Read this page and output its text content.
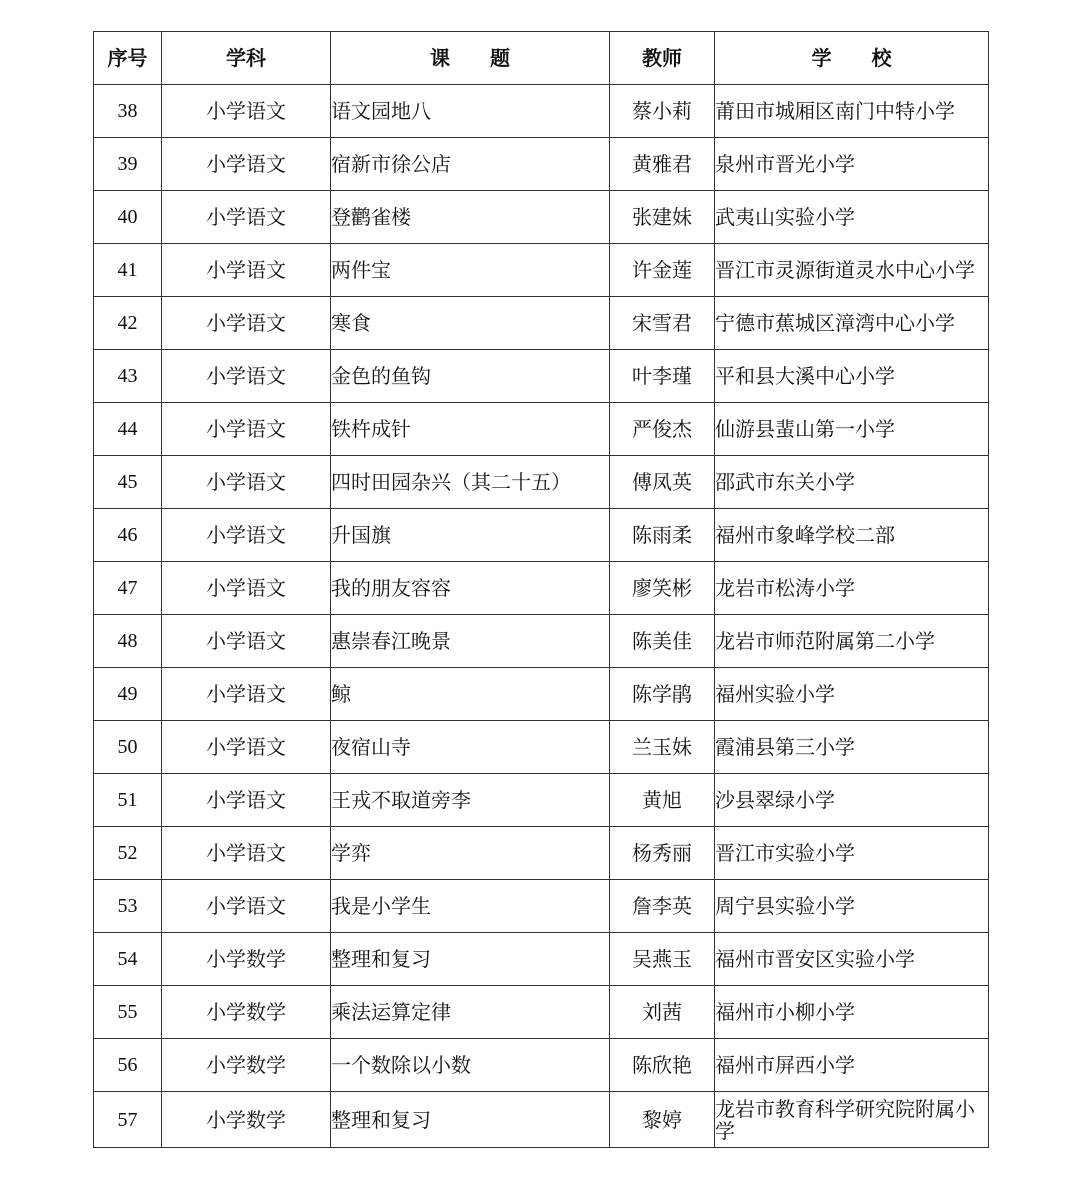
序号	学科	课　　题	教师	学　　校
38	小学语文	语文园地八	蔡小莉	莆田市城厢区南门中特小学
39	小学语文	宿新市徐公店	黄雅君	泉州市晋光小学
40	小学语文	登鹳雀楼	张建妹	武夷山实验小学
41	小学语文	两件宝	许金莲	晋江市灵源街道灵水中心小学
42	小学语文	寒食	宋雪君	宁德市蕉城区漳湾中心小学
43	小学语文	金色的鱼钩	叶李瑾	平和县大溪中心小学
44	小学语文	铁杵成针	严俊杰	仙游县蜚山第一小学
45	小学语文	四时田园杂兴（其二十五）	傅凤英	邵武市东关小学
46	小学语文	升国旗	陈雨柔	福州市象峰学校二部
47	小学语文	我的朋友容容	廖笑彬	龙岩市松涛小学
48	小学语文	惠崇春江晚景	陈美佳	龙岩市师范附属第二小学
49	小学语文	鲸	陈学鹃	福州实验小学
50	小学语文	夜宿山寺	兰玉妹	霞浦县第三小学
51	小学语文	王戎不取道旁李	黄旭	沙县翠绿小学
52	小学语文	学弈	杨秀丽	晋江市实验小学
53	小学语文	我是小学生	詹李英	周宁县实验小学
54	小学数学	整理和复习	吴燕玉	福州市晋安区实验小学
55	小学数学	乘法运算定律	刘茜	福州市小柳小学
56	小学数学	一个数除以小数	陈欣艳	福州市屏西小学
57	小学数学	整理和复习	黎婷	龙岩市教育科学研究院附属小学
